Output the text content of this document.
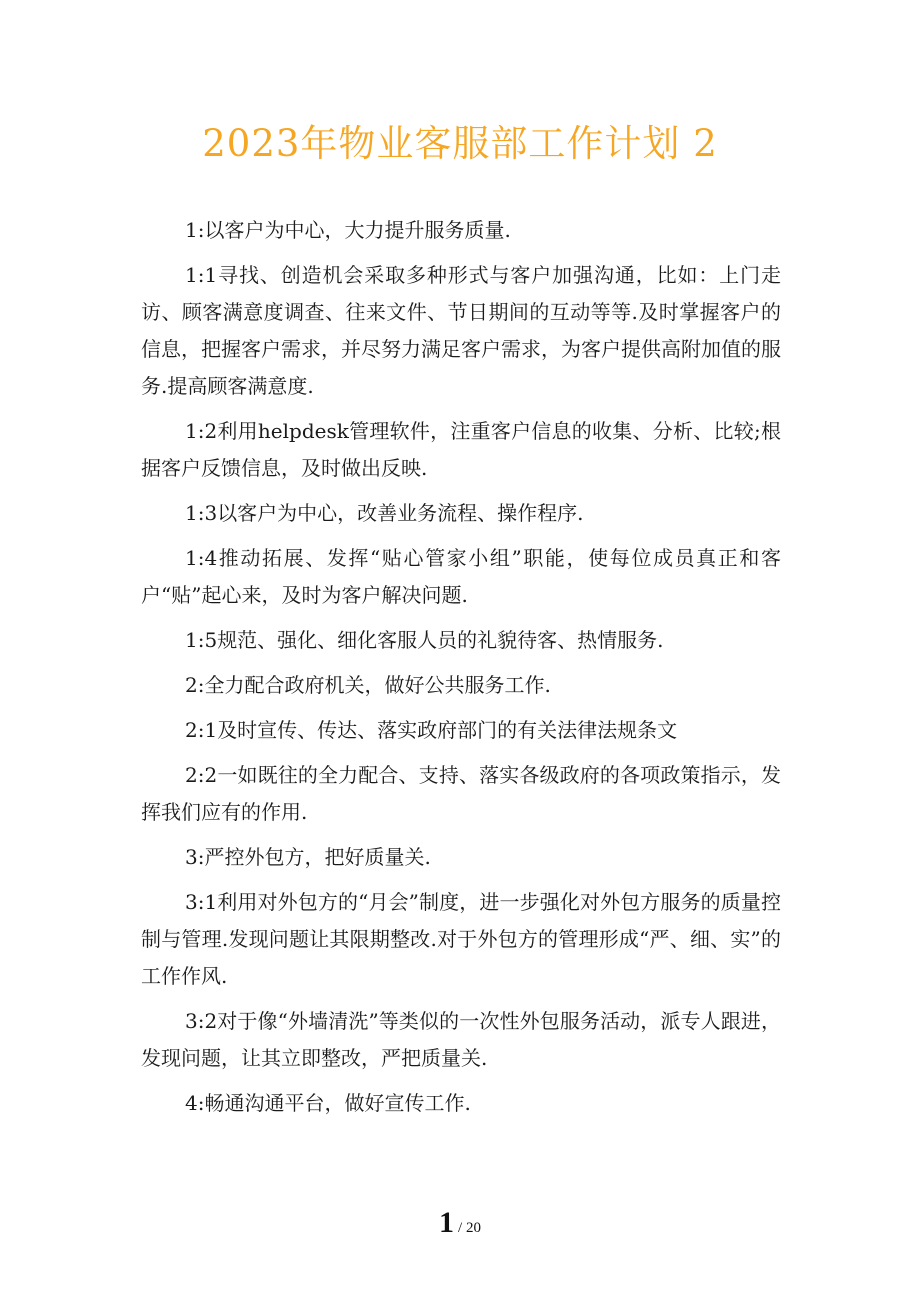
2023年物业客服部工作计划 2

1:以客户为中心，大力提升服务质量.

1:1寻找、创造机会采取多种形式与客户加强沟通，比如：上门走访、顾客满意度调查、往来文件、节日期间的互动等等.及时掌握客户的信息，把握客户需求，并尽努力满足客户需求，为客户提供高附加值的服务.提高顾客满意度.

1:2利用helpdesk管理软件，注重客户信息的收集、分析、比较;根据客户反馈信息，及时做出反映.

1:3以客户为中心，改善业务流程、操作程序.

1:4推动拓展、发挥“贴心管家小组”职能，使每位成员真正和客户“贴”起心来，及时为客户解决问题.

1:5规范、强化、细化客服人员的礼貌待客、热情服务.

2:全力配合政府机关，做好公共服务工作.

2:1及时宣传、传达、落实政府部门的有关法律法规条文

2:2一如既往的全力配合、支持、落实各级政府的各项政策指示，发挥我们应有的作用.

3:严控外包方，把好质量关.

3:1利用对外包方的“月会”制度，进一步强化对外包方服务的质量控制与管理.发现问题让其限期整改.对于外包方的管理形成“严、细、实”的工作作风.

3:2对于像“外墙清洗”等类似的一次性外包服务活动，派专人跟进，发现问题，让其立即整改，严把质量关.

4:畅通沟通平台，做好宣传工作.

1 / 20
